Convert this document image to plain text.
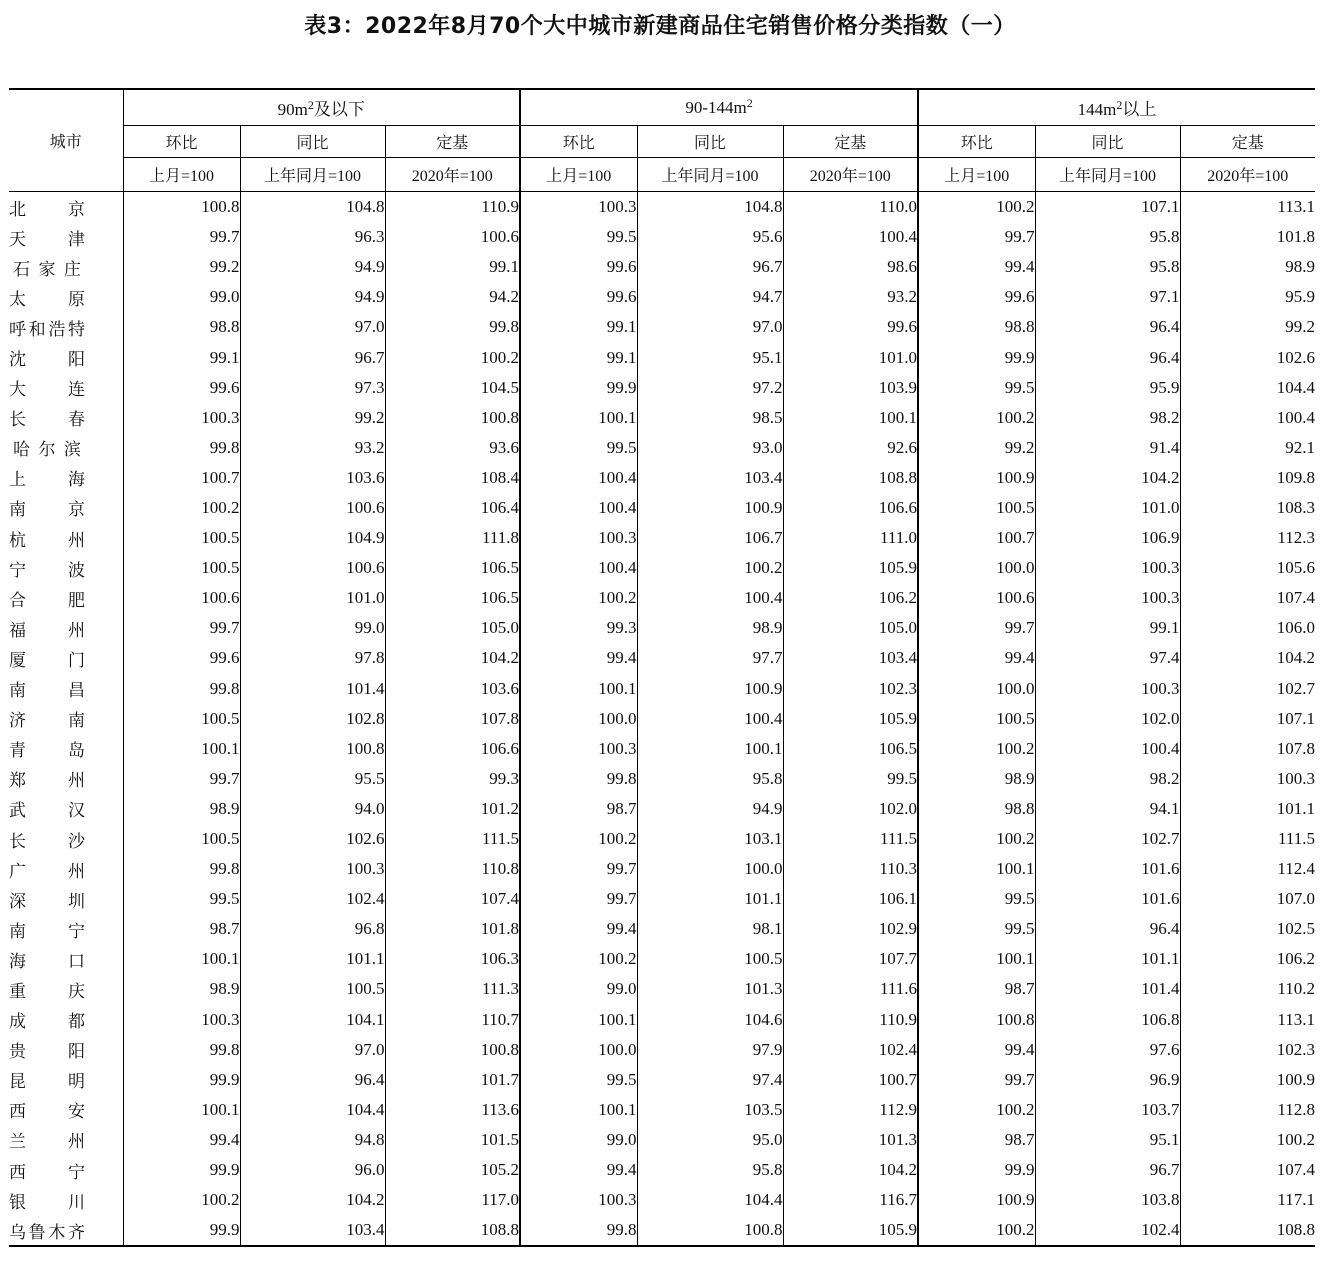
表3：2022年8月70个大中城市新建商品住宅销售价格分类指数（一）
城市	$90m^2$及以下			$90-144m^2$			$144m^2$以上		
	环比	同比	定基	环比	同比	定基	环比	同比	定基
	上月=100	上年同月=100	2020年=100	上月=100	上年同月=100	2020年=100	上月=100	上年同月=100	2020年=100

北 京	100.8	104.8	110.9	100.3	104.8	110.0	100.2	107.1	113.1

天 津	99.7	96.3	100.6	99.5	95.6	100.4	99.7	95.8	101.8

石 家 庄	99.2	94.9	99.1	99.6	96.7	98.6	99.4	95.8	98.9

太 原	99.0	94.9	94.2	99.6	94.7	93.2	99.6	97.1	95.9

呼 和 浩 特	98.8	97.0	99.8	99.1	97.0	99.6	98.8	96.4	99.2

沈 阳	99.1	96.7	100.2	99.1	95.1	101.0	99.9	96.4	102.6

大 连	99.6	97.3	104.5	99.9	97.2	103.9	99.5	95.9	104.4

长 春	100.3	99.2	100.8	100.1	98.5	100.1	100.2	98.2	100.4

哈 尔 滨	99.8	93.2	93.6	99.5	93.0	92.6	99.2	91.4	92.1

上 海	100.7	103.6	108.4	100.4	103.4	108.8	100.9	104.2	109.8

南 京	100.2	100.6	106.4	100.4	100.9	106.6	100.5	101.0	108.3

杭 州	100.5	104.9	111.8	100.3	106.7	111.0	100.7	106.9	112.3

宁 波	100.5	100.6	106.5	100.4	100.2	105.9	100.0	100.3	105.6

合 肥	100.6	101.0	106.5	100.2	100.4	106.2	100.6	100.3	107.4

福 州	99.7	99.0	105.0	99.3	98.9	105.0	99.7	99.1	106.0

厦 门	99.6	97.8	104.2	99.4	97.7	103.4	99.4	97.4	104.2

南 昌	99.8	101.4	103.6	100.1	100.9	102.3	100.0	100.3	102.7

济 南	100.5	102.8	107.8	100.0	100.4	105.9	100.5	102.0	107.1

青 岛	100.1	100.8	106.6	100.3	100.1	106.5	100.2	100.4	107.8

郑 州	99.7	95.5	99.3	99.8	95.8	99.5	98.9	98.2	100.3

武 汉	98.9	94.0	101.2	98.7	94.9	102.0	98.8	94.1	101.1

长 沙	100.5	102.6	111.5	100.2	103.1	111.5	100.2	102.7	111.5

广 州	99.8	100.3	110.8	99.7	100.0	110.3	100.1	101.6	112.4

深 圳	99.5	102.4	107.4	99.7	101.1	106.1	99.5	101.6	107.0

南 宁	98.7	96.8	101.8	99.4	98.1	102.9	99.5	96.4	102.5

海 口	100.1	101.1	106.3	100.2	100.5	107.7	100.1	101.1	106.2

重 庆	98.9	100.5	111.3	99.0	101.3	111.6	98.7	101.4	110.2

成 都	100.3	104.1	110.7	100.1	104.6	110.9	100.8	106.8	113.1

贵 阳	99.8	97.0	100.8	100.0	97.9	102.4	99.4	97.6	102.3

昆 明	99.9	96.4	101.7	99.5	97.4	100.7	99.7	96.9	100.9

西 安	100.1	104.4	113.6	100.1	103.5	112.9	100.2	103.7	112.8

兰 州	99.4	94.8	101.5	99.0	95.0	101.3	98.7	95.1	100.2

西 宁	99.9	96.0	105.2	99.4	95.8	104.2	99.9	96.7	107.4

银 川	100.2	104.2	117.0	100.3	104.4	116.7	100.9	103.8	117.1

乌 鲁 木 齐	99.9	103.4	108.8	99.8	100.8	105.9	100.2	102.4	108.8
